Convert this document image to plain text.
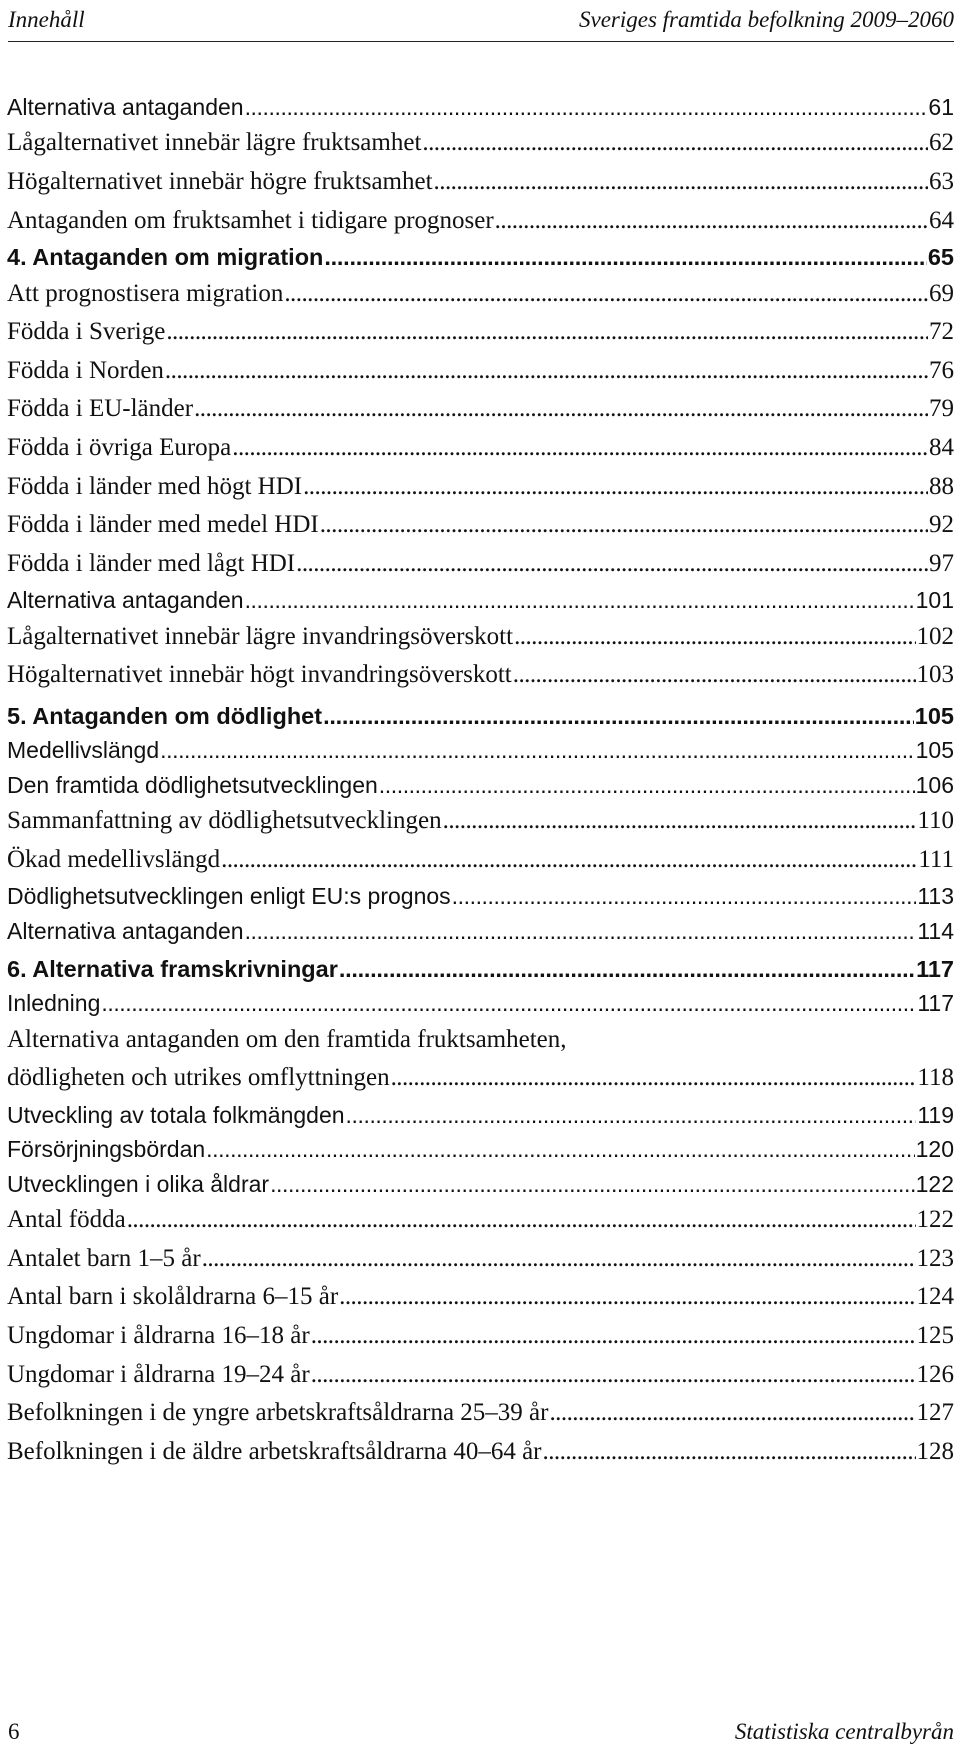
Innehåll	Sveriges framtida befolkning 2009–2060
Alternativa antaganden . . .	61
Lågalternativet innebär lägre fruktsamhet . . .	62
Högalternativet innebär högre fruktsamhet . . .	63
Antaganden om fruktsamhet i tidigare prognoser . . .	64
4. Antaganden om migration . . .	65
Att prognostisera migration . . .	69
Födda i Sverige . . .	72
Födda i Norden . . .	76
Födda i EU-länder . . .	79
Födda i övriga Europa . . .	84
Födda i länder med högt HDI . . .	88
Födda i länder med medel HDI . . .	92
Födda i länder med lågt HDI . . .	97
Alternativa antaganden . . .	101
Lågalternativet innebär lägre invandringsöverskott . . .	102
Högalternativet innebär högt invandringsöverskott . . .	103
5. Antaganden om dödlighet . . .	105
Medellivslängd . . .	105
Den framtida dödlighetsutvecklingen . . .	106
Sammanfattning av dödlighetsutvecklingen . . .	110
Ökad medellivslängd . . .	111
Dödlighetsutvecklingen enligt EU:s prognos . . .	113
Alternativa antaganden . . .	114
6. Alternativa framskrivningar . . .	117
Inledning . . .	117
Alternativa antaganden om den framtida fruktsamheten,
dödligheten och utrikes omflyttningen . . .	118
Utveckling av totala folkmängden . . .	119
Försörjningsbördan . . .	120
Utvecklingen i olika åldrar . . .	122
Antal födda . . .	122
Antalet barn 1–5 år . . .	123
Antal barn i skolåldrarna 6–15 år . . .	124
Ungdomar i åldrarna 16–18 år . . .	125
Ungdomar i åldrarna 19–24 år . . .	126
Befolkningen i de yngre arbetskraftsåldrarna 25–39 år . . .	127
Befolkningen i de äldre arbetskraftsåldrarna 40–64 år . . .	128
6	Statistiska centralbyrån
